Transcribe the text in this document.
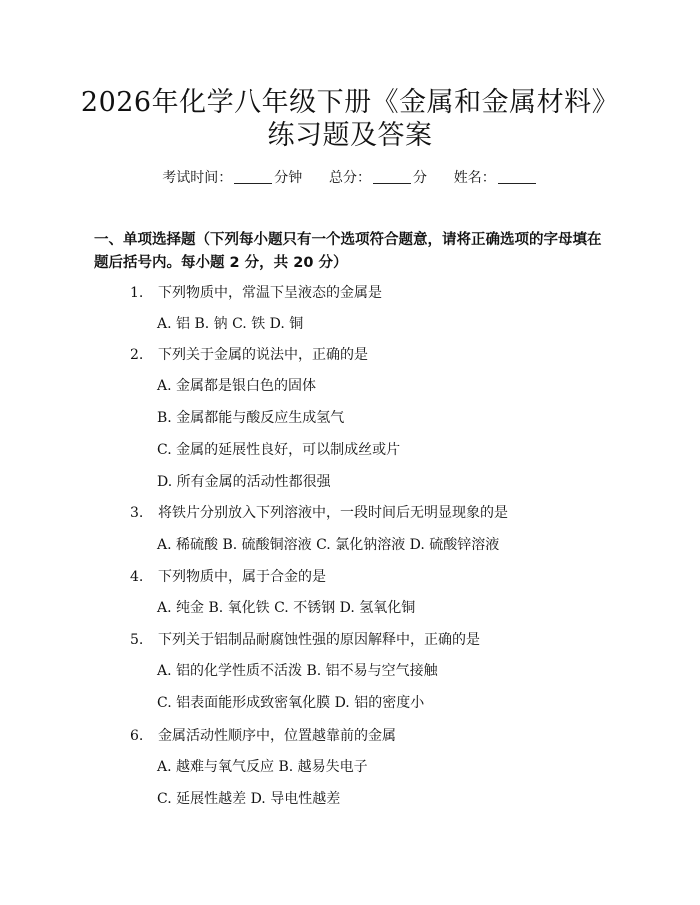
2026年化学八年级下册《金属和金属材料》
练习题及答案
考试时间：	分钟 总分：	分 姓名：
一、单项选择题（下列每小题只有一个选项符合题意，请将正确选项的字母填在题后括号内。每小题 2 分，共 20 分）
1. 下列物质中，常温下呈液态的金属是
A. 铝 B. 钠 C. 铁 D. 铜
2. 下列关于金属的说法中，正确的是
A. 金属都是银白色的固体
B. 金属都能与酸反应生成氢气
C. 金属的延展性良好，可以制成丝或片
D. 所有金属的活动性都很强
3. 将铁片分别放入下列溶液中，一段时间后无明显现象的是
A. 稀硫酸 B. 硫酸铜溶液 C. 氯化钠溶液 D. 硫酸锌溶液
4. 下列物质中，属于合金的是
A. 纯金 B. 氧化铁 C. 不锈钢 D. 氢氧化铜
5. 下列关于铝制品耐腐蚀性强的原因解释中，正确的是
A. 铝的化学性质不活泼 B. 铝不易与空气接触
C. 铝表面能形成致密氧化膜 D. 铝的密度小
6. 金属活动性顺序中，位置越靠前的金属
A. 越难与氧气反应 B. 越易失电子
C. 延展性越差 D. 导电性越差
